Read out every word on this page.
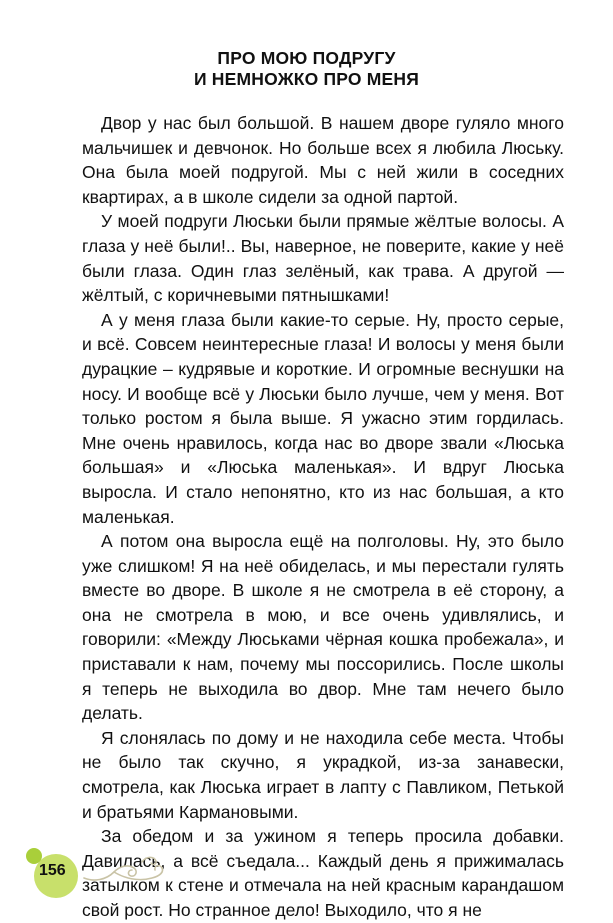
ПРО МОЮ ПОДРУГУ
И НЕМНОЖКО ПРО МЕНЯ

Двор у нас был большой. В нашем дворе гуляло много мальчишек и девчонок. Но больше всех я любила Люську. Она была моей подругой. Мы с ней жили в соседних квартирах, а в школе сидели за одной партой.

У моей подруги Люськи были прямые жёлтые волосы. А глаза у неё были!.. Вы, наверное, не поверите, какие у неё были глаза. Один глаз зелёный, как трава. А другой — жёлтый, с коричневыми пятнышками!

А у меня глаза были какие-то серые. Ну, просто серые, и всё. Совсем неинтересные глаза! И волосы у меня были дурацкие – кудрявые и короткие. И огромные веснушки на носу. И вообще всё у Люськи было лучше, чем у меня. Вот только ростом я была выше. Я ужасно этим гордилась. Мне очень нравилось, когда нас во дворе звали «Люська большая» и «Люська маленькая». И вдруг Люська выросла. И стало непонятно, кто из нас большая, а кто маленькая.

А потом она выросла ещё на полголовы. Ну, это было уже слишком! Я на неё обиделась, и мы перестали гулять вместе во дворе. В школе я не смотрела в её сторону, а она не смотрела в мою, и все очень удивлялись, и говорили: «Между Люськами чёрная кошка пробежала», и приставали к нам, почему мы поссорились. После школы я теперь не выходила во двор. Мне там нечего было делать.

Я слонялась по дому и не находила себе места. Чтобы не было так скучно, я украдкой, из-за занавески, смотрела, как Люська играет в лапту с Павликом, Петькой и братьями Кармановыми.

За обедом и за ужином я теперь просила добавки. Давилась, а всё съедала... Каждый день я прижималась затылком к стене и отмечала на ней красным карандашом свой рост. Но странное дело! Выходило, что я не

156
